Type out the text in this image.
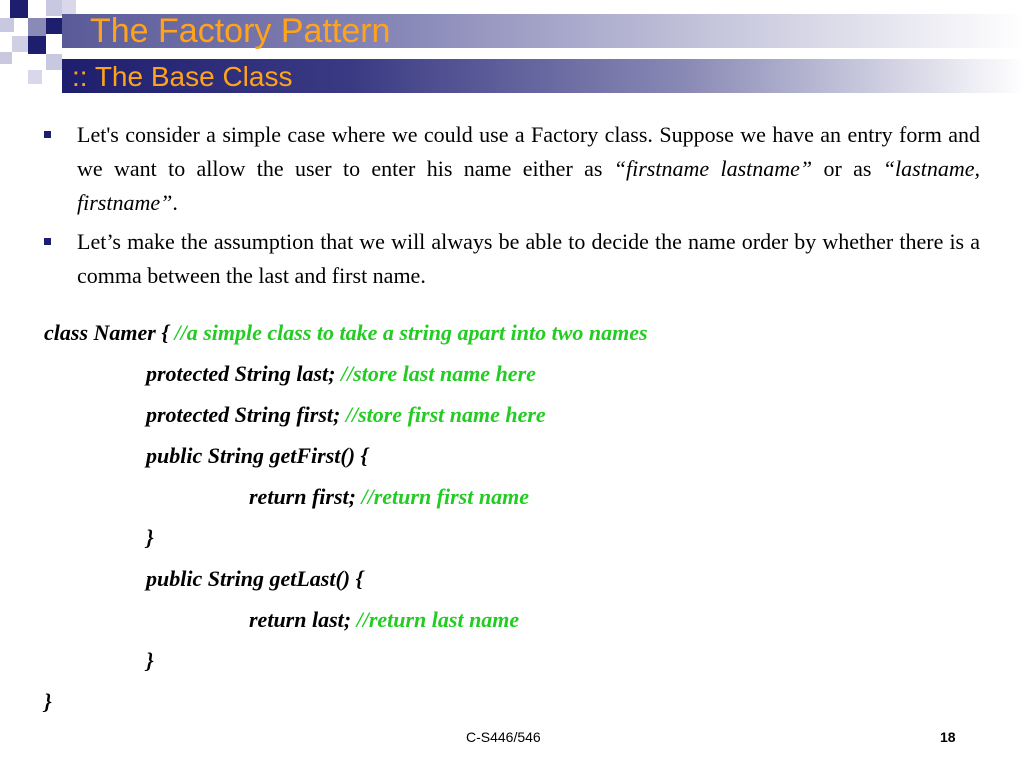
The Factory Pattern
:: The Base Class
Let's consider a simple case where we could use a Factory class. Suppose we have an entry form and we want to allow the user to enter his name either as “firstname lastname” or as “lastname, firstname”.
Let’s make the assumption that we will always be able to decide the name order by whether there is a comma between the last and first name.
class Namer { //a simple class to take a string apart into two names
protected String last; //store last name here
protected String first; //store first name here
public String getFirst() {
return first; //return first name
}
public String getLast() {
return last; //return last name
}
}
C-S446/546	18
